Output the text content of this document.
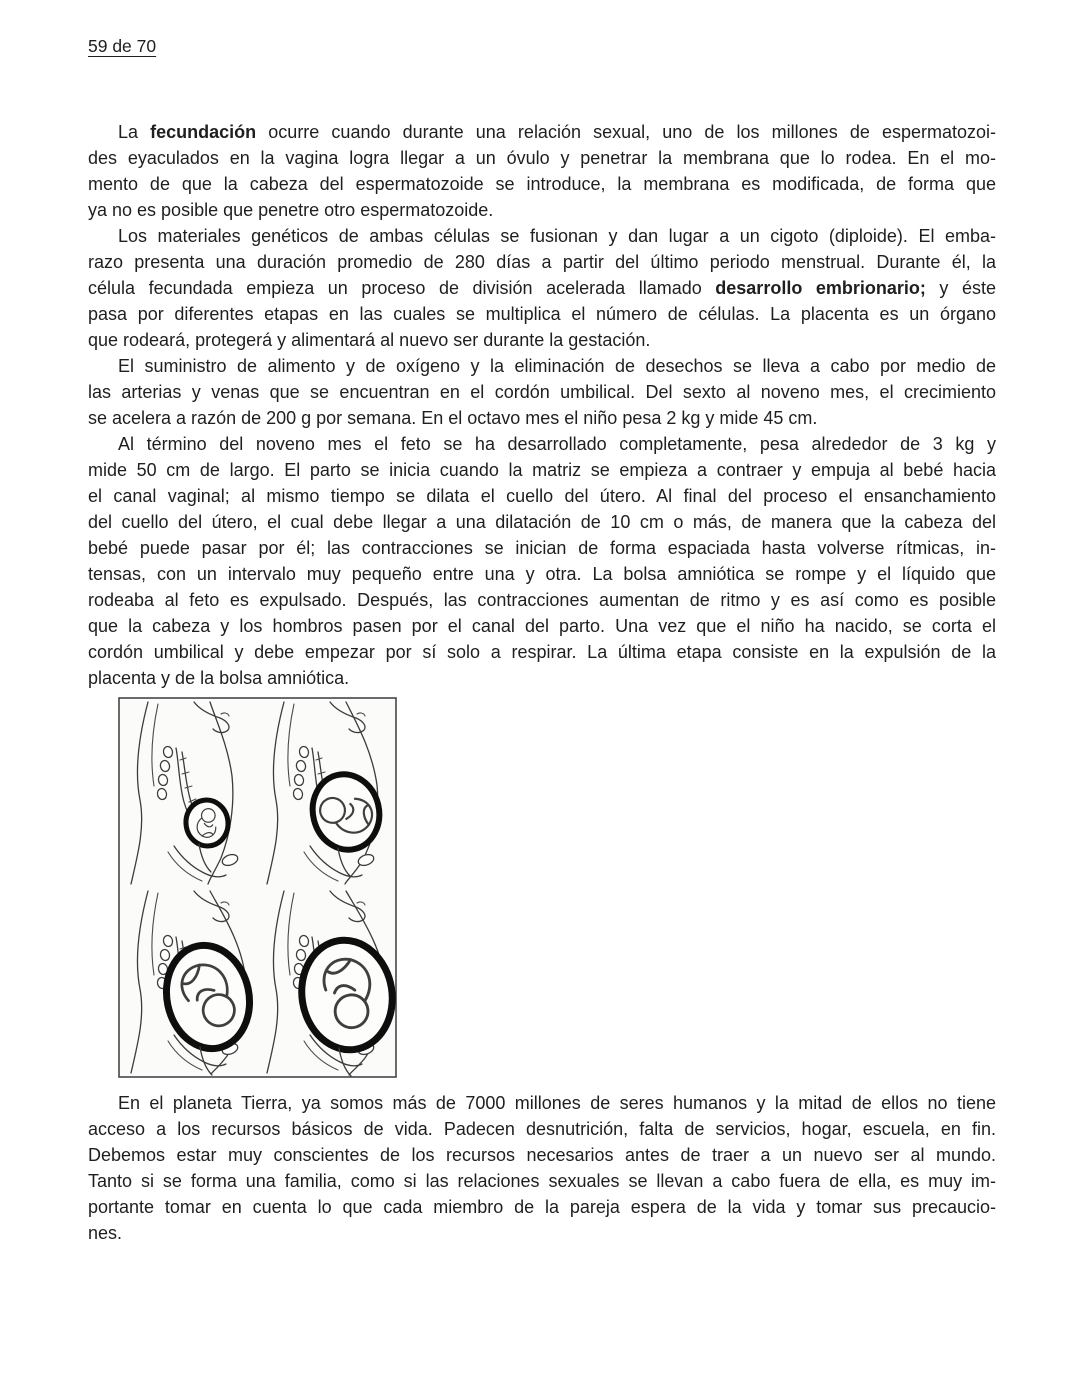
59 de 70
La fecundación ocurre cuando durante una relación sexual, uno de los millones de espermatozoi-
des eyaculados en la vagina logra llegar a un óvulo y penetrar la membrana que lo rodea. En el mo-
mento de que la cabeza del espermatozoide se introduce, la membrana es modificada, de forma que
ya no es posible que penetre otro espermatozoide.
Los materiales genéticos de ambas células se fusionan y dan lugar a un cigoto (diploide). El emba-
razo presenta una duración promedio de 280 días a partir del último periodo menstrual. Durante él, la
célula fecundada empieza un proceso de división acelerada llamado desarrollo embrionario; y éste
pasa por diferentes etapas en las cuales se multiplica el número de células. La placenta es un órgano
que rodeará, protegerá y alimentará al nuevo ser durante la gestación.
El suministro de alimento y de oxígeno y la eliminación de desechos se lleva a cabo por medio de
las arterias y venas que se encuentran en el cordón umbilical. Del sexto al noveno mes, el crecimiento
se acelera a razón de 200 g por semana. En el octavo mes el niño pesa 2 kg y mide 45 cm.
Al término del noveno mes el feto se ha desarrollado completamente, pesa alrededor de 3 kg y
mide 50 cm de largo. El parto se inicia cuando la matriz se empieza a contraer y empuja al bebé hacia
el canal vaginal; al mismo tiempo se dilata el cuello del útero. Al final del proceso el ensanchamiento
del cuello del útero, el cual debe llegar a una dilatación de 10 cm o más, de manera que la cabeza del
bebé puede pasar por él; las contracciones se inician de forma espaciada hasta volverse rítmicas, in-
tensas, con un intervalo muy pequeño entre una y otra. La bolsa amniótica se rompe y el líquido que
rodeaba al feto es expulsado. Después, las contracciones aumentan de ritmo y es así como es posible
que la cabeza y los hombros pasen por el canal del parto. Una vez que el niño ha nacido, se corta el
cordón umbilical y debe empezar por sí solo a respirar. La última etapa consiste en la expulsión de la
placenta y de la bolsa amniótica.
En el planeta Tierra, ya somos más de 7000 millones de seres humanos y la mitad de ellos no tiene
acceso a los recursos básicos de vida. Padecen desnutrición, falta de servicios, hogar, escuela, en fin.
Debemos estar muy conscientes de los recursos necesarios antes de traer a un nuevo ser al mundo.
Tanto si se forma una familia, como si las relaciones sexuales se llevan a cabo fuera de ella, es muy im-
portante tomar en cuenta lo que cada miembro de la pareja espera de la vida y tomar sus precaucio-
nes.
